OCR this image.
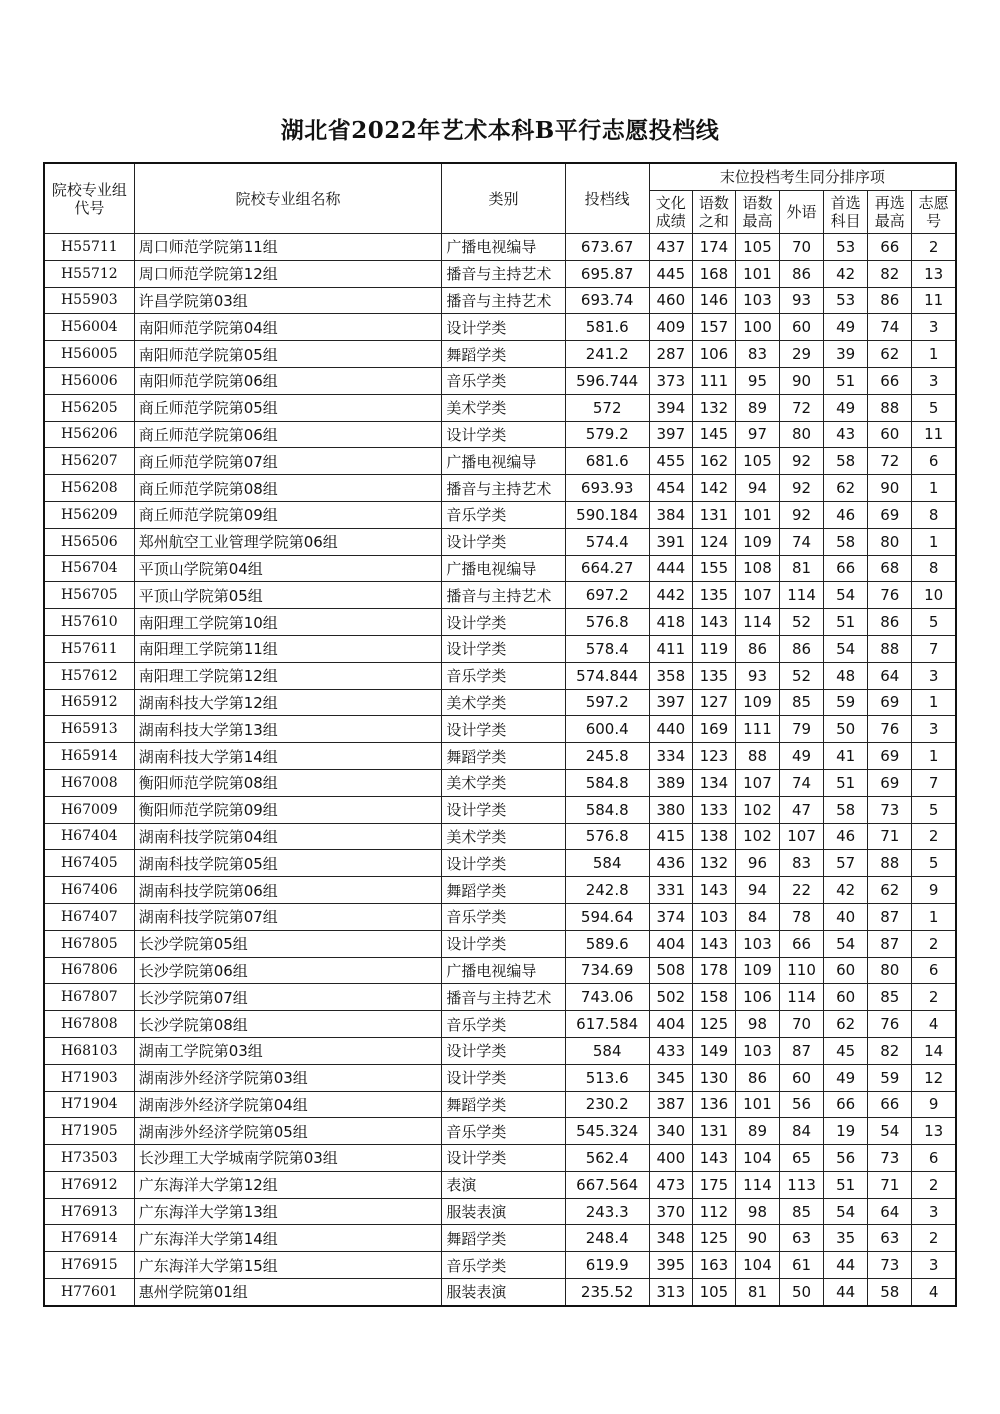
湖北省2022年艺术本科B平行志愿投档线
院校专业组代号	院校专业组名称	类别	投档线	末位投档考生同分排序项						
				文化成绩	语数之和	语数最高	外语	首选科目	再选最高	志愿号
H55711	周口师范学院第11组	广播电视编导	673.67	437	174	105	70	53	66	2
H55712	周口师范学院第12组	播音与主持艺术	695.87	445	168	101	86	42	82	13
H55903	许昌学院第03组	播音与主持艺术	693.74	460	146	103	93	53	86	11
H56004	南阳师范学院第04组	设计学类	581.6	409	157	100	60	49	74	3
H56005	南阳师范学院第05组	舞蹈学类	241.2	287	106	83	29	39	62	1
H56006	南阳师范学院第06组	音乐学类	596.744	373	111	95	90	51	66	3
H56205	商丘师范学院第05组	美术学类	572	394	132	89	72	49	88	5
H56206	商丘师范学院第06组	设计学类	579.2	397	145	97	80	43	60	11
H56207	商丘师范学院第07组	广播电视编导	681.6	455	162	105	92	58	72	6
H56208	商丘师范学院第08组	播音与主持艺术	693.93	454	142	94	92	62	90	1
H56209	商丘师范学院第09组	音乐学类	590.184	384	131	101	92	46	69	8
H56506	郑州航空工业管理学院第06组	设计学类	574.4	391	124	109	74	58	80	1
H56704	平顶山学院第04组	广播电视编导	664.27	444	155	108	81	66	68	8
H56705	平顶山学院第05组	播音与主持艺术	697.2	442	135	107	114	54	76	10
H57610	南阳理工学院第10组	设计学类	576.8	418	143	114	52	51	86	5
H57611	南阳理工学院第11组	设计学类	578.4	411	119	86	86	54	88	7
H57612	南阳理工学院第12组	音乐学类	574.844	358	135	93	52	48	64	3
H65912	湖南科技大学第12组	美术学类	597.2	397	127	109	85	59	69	1
H65913	湖南科技大学第13组	设计学类	600.4	440	169	111	79	50	76	3
H65914	湖南科技大学第14组	舞蹈学类	245.8	334	123	88	49	41	69	1
H67008	衡阳师范学院第08组	美术学类	584.8	389	134	107	74	51	69	7
H67009	衡阳师范学院第09组	设计学类	584.8	380	133	102	47	58	73	5
H67404	湖南科技学院第04组	美术学类	576.8	415	138	102	107	46	71	2
H67405	湖南科技学院第05组	设计学类	584	436	132	96	83	57	88	5
H67406	湖南科技学院第06组	舞蹈学类	242.8	331	143	94	22	42	62	9
H67407	湖南科技学院第07组	音乐学类	594.64	374	103	84	78	40	87	1
H67805	长沙学院第05组	设计学类	589.6	404	143	103	66	54	87	2
H67806	长沙学院第06组	广播电视编导	734.69	508	178	109	110	60	80	6
H67807	长沙学院第07组	播音与主持艺术	743.06	502	158	106	114	60	85	2
H67808	长沙学院第08组	音乐学类	617.584	404	125	98	70	62	76	4
H68103	湖南工学院第03组	设计学类	584	433	149	103	87	45	82	14
H71903	湖南涉外经济学院第03组	设计学类	513.6	345	130	86	60	49	59	12
H71904	湖南涉外经济学院第04组	舞蹈学类	230.2	387	136	101	56	66	66	9
H71905	湖南涉外经济学院第05组	音乐学类	545.324	340	131	89	84	19	54	13
H73503	长沙理工大学城南学院第03组	设计学类	562.4	400	143	104	65	56	73	6
H76912	广东海洋大学第12组	表演	667.564	473	175	114	113	51	71	2
H76913	广东海洋大学第13组	服装表演	243.3	370	112	98	85	54	64	3
H76914	广东海洋大学第14组	舞蹈学类	248.4	348	125	90	63	35	63	2
H76915	广东海洋大学第15组	音乐学类	619.9	395	163	104	61	44	73	3
H77601	惠州学院第01组	服装表演	235.52	313	105	81	50	44	58	4
